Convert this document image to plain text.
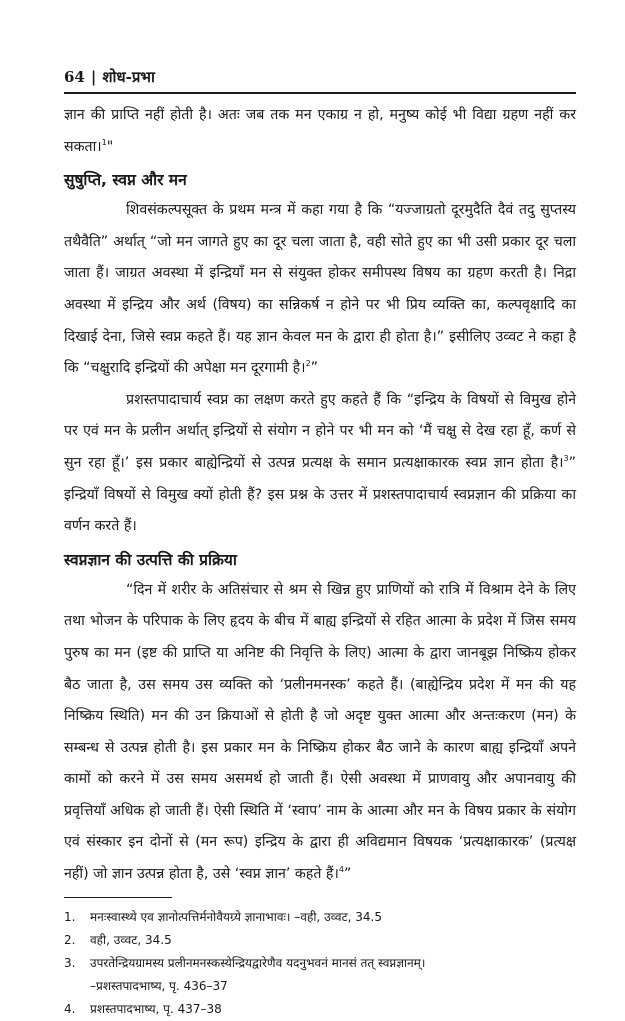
64 | शोध-प्रभा

ज्ञान की प्राप्ति नहीं होती है। अतः जब तक मन एकाग्र न हो, मनुष्य कोई भी विद्या ग्रहण नहीं कर सकता।$^1$"

सुषुप्ति, स्वप्न और मन

शिवसंकल्पसूक्त के प्रथम मन्त्र में कहा गया है कि “यज्जाग्रतो दूरमुदैति दैवं तदु सुप्तस्य तथैवैति” अर्थात् “जो मन जागते हुए का दूर चला जाता है, वही सोते हुए का भी उसी प्रकार दूर चला जाता हैं। जाग्रत अवस्था में इन्द्रियाँ मन से संयुक्त होकर समीपस्थ विषय का ग्रहण करती है। निद्रा अवस्था में इन्द्रिय और अर्थ (विषय) का सन्निकर्ष न होने पर भी प्रिय व्यक्ति का, कल्पवृक्षादि का दिखाई देना, जिसे स्वप्न कहते हैं। यह ज्ञान केवल मन के द्वारा ही होता है।” इसीलिए उव्वट ने कहा है कि “चक्षुरादि इन्द्रियों की अपेक्षा मन दूरगामी है।$^2$”

प्रशस्तपादाचार्य स्वप्न का लक्षण करते हुए कहते हैं कि “इन्द्रिय के विषयों से विमुख होने पर एवं मन के प्रलीन अर्थात् इन्द्रियों से संयोग न होने पर भी मन को ‘मैं चक्षु से देख रहा हूँ, कर्ण से सुन रहा हूँ।’ इस प्रकार बाह्येन्द्रियों से उत्पन्न प्रत्यक्ष के समान प्रत्यक्षाकारक स्वप्न ज्ञान होता है।$^3$” इन्द्रियाँ विषयों से विमुख क्यों होती हैं? इस प्रश्न के उत्तर में प्रशस्तपादाचार्य स्वप्नज्ञान की प्रक्रिया का वर्णन करते हैं।

स्वप्नज्ञान की उत्पत्ति की प्रक्रिया

“दिन में शरीर के अतिसंचार से श्रम से खिन्न हुए प्राणियों को रात्रि में विश्राम देने के लिए तथा भोजन के परिपाक के लिए हृदय के बीच में बाह्य इन्द्रियों से रहित आत्मा के प्रदेश में जिस समय पुरुष का मन (इष्ट की प्राप्ति या अनिष्ट की निवृत्ति के लिए) आत्मा के द्वारा जानबूझ निष्क्रिय होकर बैठ जाता है, उस समय उस व्यक्ति को ‘प्रलीनमनस्क’ कहते हैं। (बाह्येन्द्रिय प्रदेश में मन की यह निष्क्रिय स्थिति) मन की उन क्रियाओं से होती है जो अदृष्ट युक्त आत्मा और अन्तःकरण (मन) के सम्बन्ध से उत्पन्न होती है। इस प्रकार मन के निष्क्रिय होकर बैठ जाने के कारण बाह्य इन्द्रियाँ अपने कामों को करने में उस समय असमर्थ हो जाती हैं। ऐसी अवस्था में प्राणवायु और अपानवायु की प्रवृत्तियाँ अधिक हो जाती हैं। ऐसी स्थिति में ‘स्वाप’ नाम के आत्मा और मन के विषय प्रकार के संयोग एवं संस्कार इन दोनों से (मन रूप) इन्द्रिय के द्वारा ही अविद्यमान विषयक ‘प्रत्यक्षाकारक’ (प्रत्यक्ष नहीं) जो ज्ञान उत्पन्न होता है, उसे ‘स्वप्न ज्ञान’ कहते हैं।$^4$”

1.	मनःस्वास्थ्ये एव ज्ञानोत्पत्तिर्मनोवैयग्र्ये ज्ञानाभावः। –वही, उव्वट, 34.5
2.	वही, उव्वट, 34.5
3.	उपरतेन्द्रियग्रामस्य प्रलीनमनस्कस्येन्द्रियद्वारेणैव यदनुभवनं मानसं तत् स्वप्नज्ञानम्।
–प्रशस्तपादभाष्य, पृ. 436–37
4.	प्रशस्तपादभाष्य, पृ. 437–38
